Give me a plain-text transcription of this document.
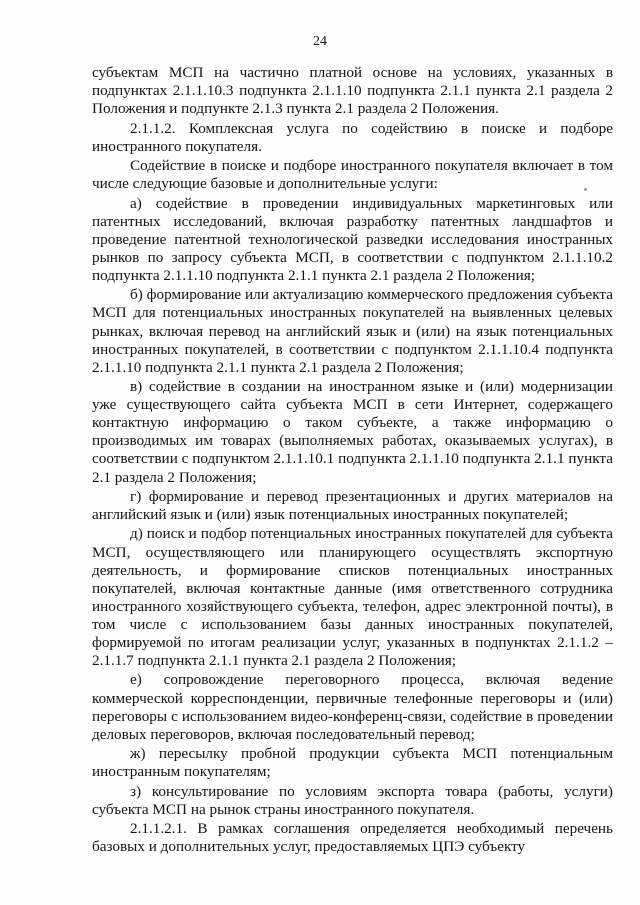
24

субъектам МСП на частично платной основе на условиях, указанных в подпунктах 2.1.1.10.3 подпункта 2.1.1.10 подпункта 2.1.1 пункта 2.1 раздела 2 Положения и подпункте 2.1.3 пункта 2.1 раздела 2 Положения.

2.1.1.2. Комплексная услуга по содействию в поиске и подборе иностранного покупателя.

Содействие в поиске и подборе иностранного покупателя включает в том числе следующие базовые и дополнительные услуги:

а) содействие в проведении индивидуальных маркетинговых или патентных исследований, включая разработку патентных ландшафтов и проведение патентной технологической разведки исследования иностранных рынков по запросу субъекта МСП, в соответствии с подпунктом 2.1.1.10.2 подпункта 2.1.1.10 подпункта 2.1.1 пункта 2.1 раздела 2 Положения;

б) формирование или актуализацию коммерческого предложения субъекта МСП для потенциальных иностранных покупателей на выявленных целевых рынках, включая перевод на английский язык и (или) на язык потенциальных иностранных покупателей, в соответствии с подпунктом 2.1.1.10.4 подпункта 2.1.1.10 подпункта 2.1.1 пункта 2.1 раздела 2 Положения;

в) содействие в создании на иностранном языке и (или) модернизации уже существующего сайта субъекта МСП в сети Интернет, содержащего контактную информацию о таком субъекте, а также информацию о производимых им товарах (выполняемых работах, оказываемых услугах), в соответствии с подпунктом 2.1.1.10.1 подпункта 2.1.1.10 подпункта 2.1.1 пункта 2.1 раздела 2 Положения;

г) формирование и перевод презентационных и других материалов на английский язык и (или) язык потенциальных иностранных покупателей;

д) поиск и подбор потенциальных иностранных покупателей для субъекта МСП, осуществляющего или планирующего осуществлять экспортную деятельность, и формирование списков потенциальных иностранных покупателей, включая контактные данные (имя ответственного сотрудника иностранного хозяйствующего субъекта, телефон, адрес электронной почты), в том числе с использованием базы данных иностранных покупателей, формируемой по итогам реализации услуг, указанных в подпунктах 2.1.1.2 – 2.1.1.7 подпункта 2.1.1 пункта 2.1 раздела 2 Положения;

е) сопровождение переговорного процесса, включая ведение коммерческой корреспонденции, первичные телефонные переговоры и (или) переговоры с использованием видео-конференц-связи, содействие в проведении деловых переговоров, включая последовательный перевод;

ж) пересылку пробной продукции субъекта МСП потенциальным иностранным покупателям;

з) консультирование по условиям экспорта товара (работы, услуги) субъекта МСП на рынок страны иностранного покупателя.

2.1.1.2.1. В рамках соглашения определяется необходимый перечень базовых и дополнительных услуг, предоставляемых ЦПЭ субъекту
